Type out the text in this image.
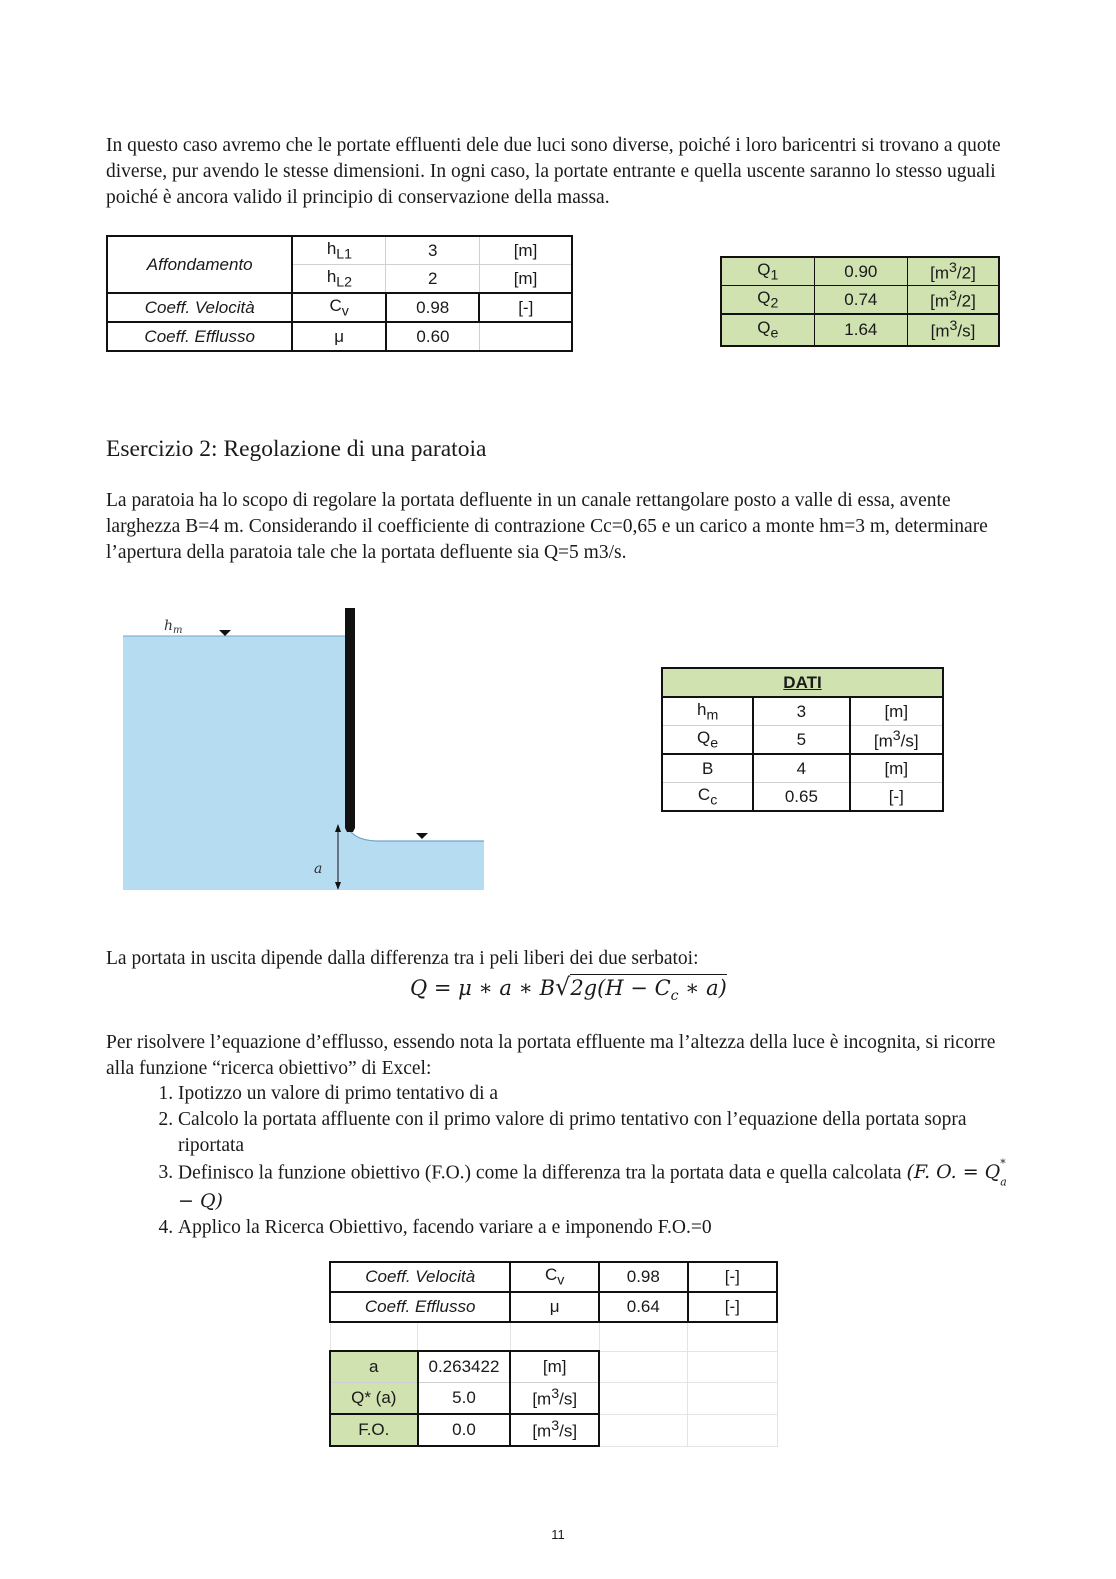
In questo caso avremo che le portate effluenti dele due luci sono diverse, poiché i loro baricentri si trovano a quote diverse, pur avendo le stesse dimensioni. In ogni caso, la portate entrante e quella uscente saranno lo stesso uguali poiché è ancora valido il principio di conservazione della massa.
Affondamento	$h_{L1}$	3	[m]
	$h_{L2}$	2	[m]
Coeff. Velocità	$C_v$	0.98	[-]
Coeff. Efflusso	μ	0.60	
$Q_1$	0.90	$[m^3/2]$
$Q_2$	0.74	$[m^3/2]$
$Q_e$	1.64	$[m^3/s]$
Esercizio 2: Regolazione di una paratoia
La paratoia ha lo scopo di regolare la portata defluente in un canale rettangolare posto a valle di essa, avente larghezza B=4 m. Considerando il coefficiente di contrazione Cc=0,65 e un carico a monte hm=3 m, determinare l’apertura della paratoia tale che la portata defluente sia Q=5 m3/s.
$h_m$
a
DATI		
$h_m$	3	[m]
$Q_e$	5	$[m^3/s]$
B	4	[m]
$C_c$	0.65	[-]
La portata in uscita dipende dalla differenza tra i peli liberi dei due serbatoi:
Q = μ ∗ a ∗ $B√2g(H - C_c$ ∗ a)
Per risolvere l’equazione d’efflusso, essendo nota la portata effluente ma l’altezza della luce è incognita, si ricorre alla funzione “ricerca obiettivo” di Excel:
1. Ipotizzo un valore di primo tentativo di a
2. Calcolo la portata affluente con il primo valore di primo tentativo con l’equazione della portata sopra riportata
3. Definisco la funzione obiettivo (F.O.) come la differenza tra la portata data e quella calcolata (F. O. = Q*
$_a$ − Q)
4. Applico la Ricerca Obiettivo, facendo variare a e imponendo F.O.=0
Coeff. Velocità		$C_v$	0.98	[-]
Coeff. Efflusso		μ	0.64	[-]

a	0.263422	[m]		
Q* (a)	5.0	$[m^3/s]$		
F.O.	0.0	$[m^3/s]$		
11
